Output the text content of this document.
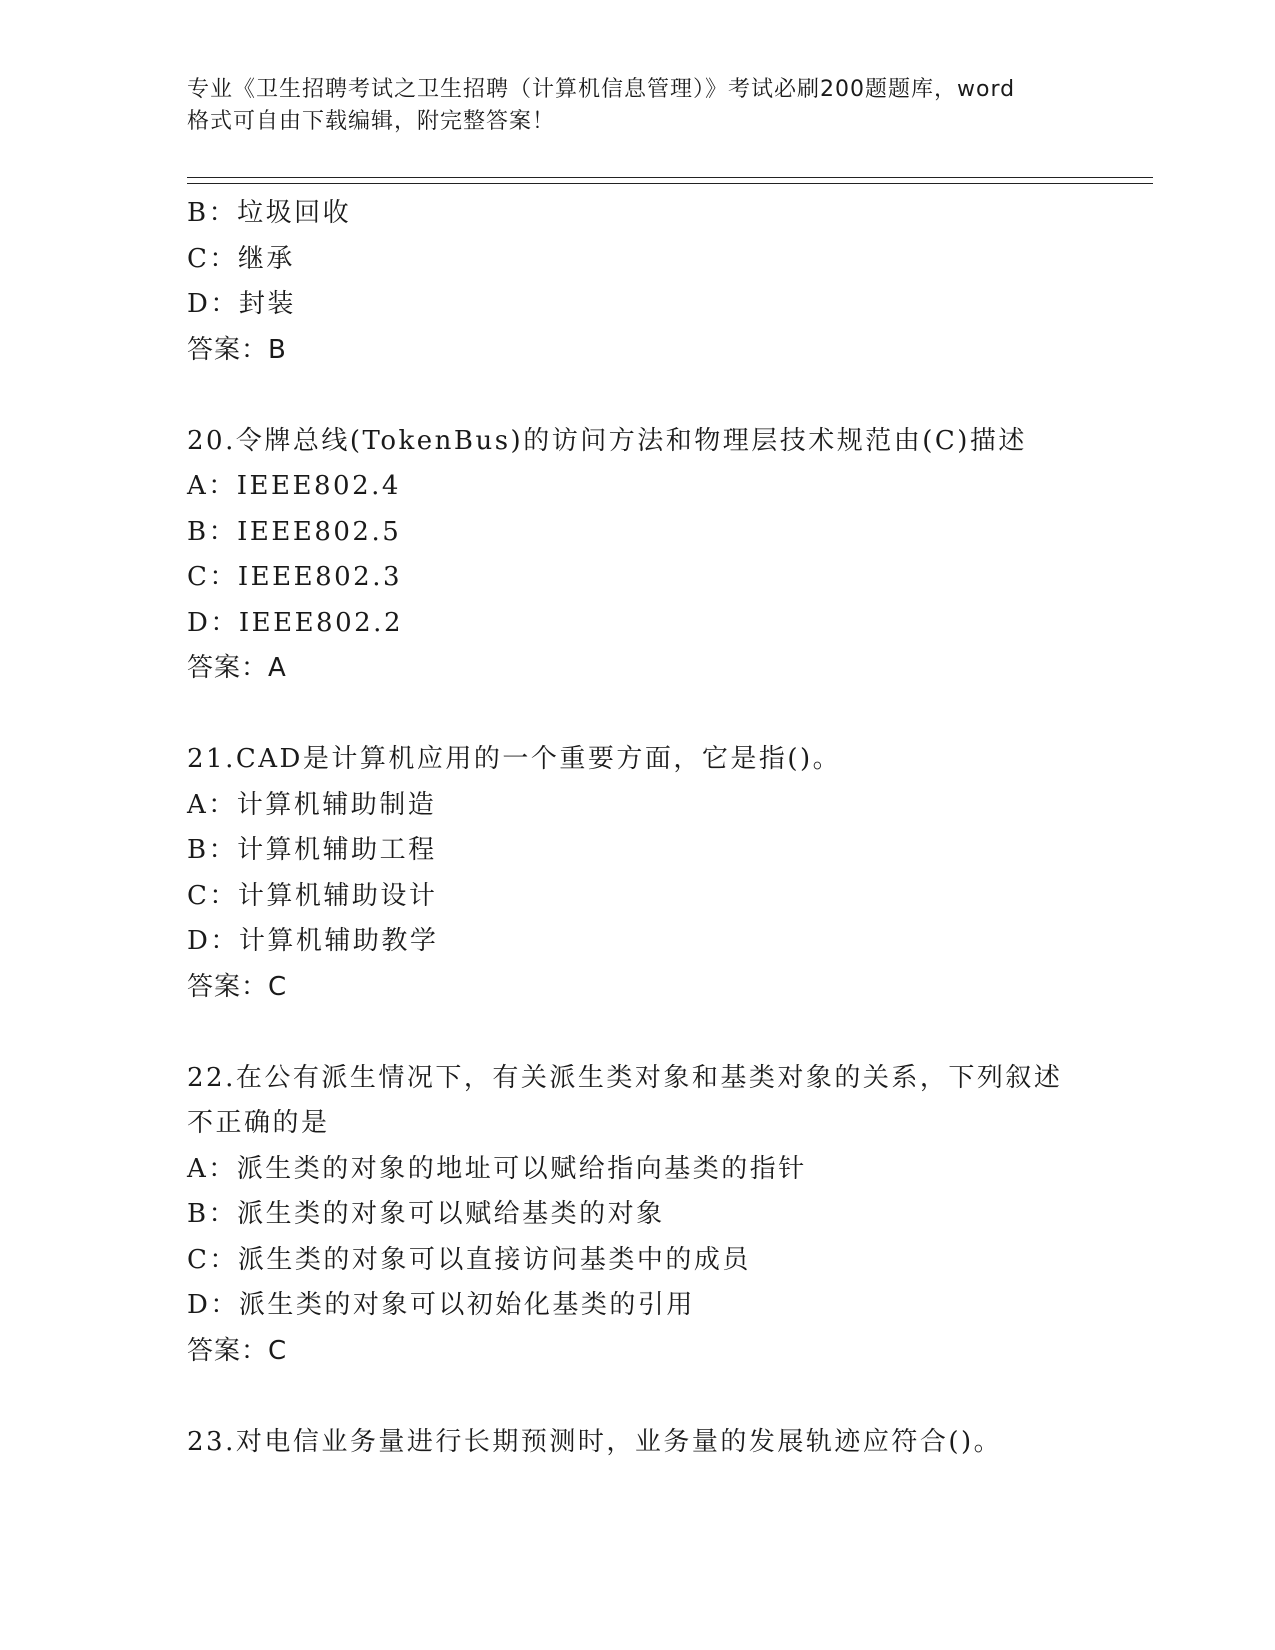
专业《卫生招聘考试之卫生招聘（计算机信息管理）》考试必刷200题题库，word
格式可自由下载编辑，附完整答案！
B：垃圾回收
C：继承
D：封装
答案：B
20.令牌总线(TokenBus)的访问方法和物理层技术规范由(C)描述
A：IEEE802.4
B：IEEE802.5
C：IEEE802.3
D：IEEE802.2
答案：A
21.CAD是计算机应用的一个重要方面，它是指()。
A：计算机辅助制造
B：计算机辅助工程
C：计算机辅助设计
D：计算机辅助教学
答案：C
22.在公有派生情况下，有关派生类对象和基类对象的关系，下列叙述
不正确的是
A：派生类的对象的地址可以赋给指向基类的指针
B：派生类的对象可以赋给基类的对象
C：派生类的对象可以直接访问基类中的成员
D：派生类的对象可以初始化基类的引用
答案：C
23.对电信业务量进行长期预测时，业务量的发展轨迹应符合()。
